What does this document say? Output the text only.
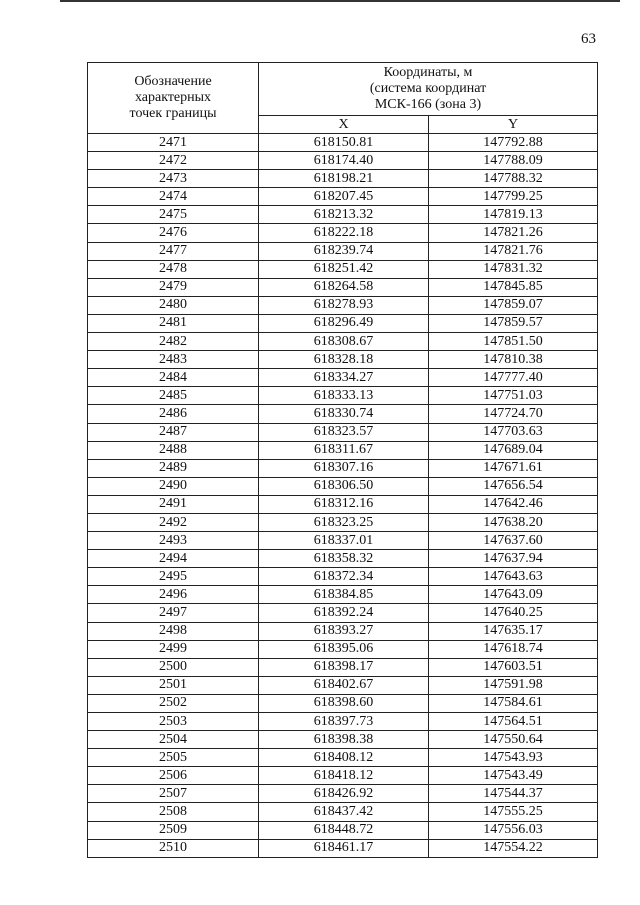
63
Обозначение
характерных
точек границы	Координаты, м
(система координат
МСК-166 (зона 3)	

	X	Y
2471	618150.81	147792.88
2472	618174.40	147788.09
2473	618198.21	147788.32
2474	618207.45	147799.25
2475	618213.32	147819.13
2476	618222.18	147821.26
2477	618239.74	147821.76
2478	618251.42	147831.32
2479	618264.58	147845.85
2480	618278.93	147859.07
2481	618296.49	147859.57
2482	618308.67	147851.50
2483	618328.18	147810.38
2484	618334.27	147777.40
2485	618333.13	147751.03
2486	618330.74	147724.70
2487	618323.57	147703.63
2488	618311.67	147689.04
2489	618307.16	147671.61
2490	618306.50	147656.54
2491	618312.16	147642.46
2492	618323.25	147638.20
2493	618337.01	147637.60
2494	618358.32	147637.94
2495	618372.34	147643.63
2496	618384.85	147643.09
2497	618392.24	147640.25
2498	618393.27	147635.17
2499	618395.06	147618.74
2500	618398.17	147603.51
2501	618402.67	147591.98
2502	618398.60	147584.61
2503	618397.73	147564.51
2504	618398.38	147550.64
2505	618408.12	147543.93
2506	618418.12	147543.49
2507	618426.92	147544.37
2508	618437.42	147555.25
2509	618448.72	147556.03
2510	618461.17	147554.22
